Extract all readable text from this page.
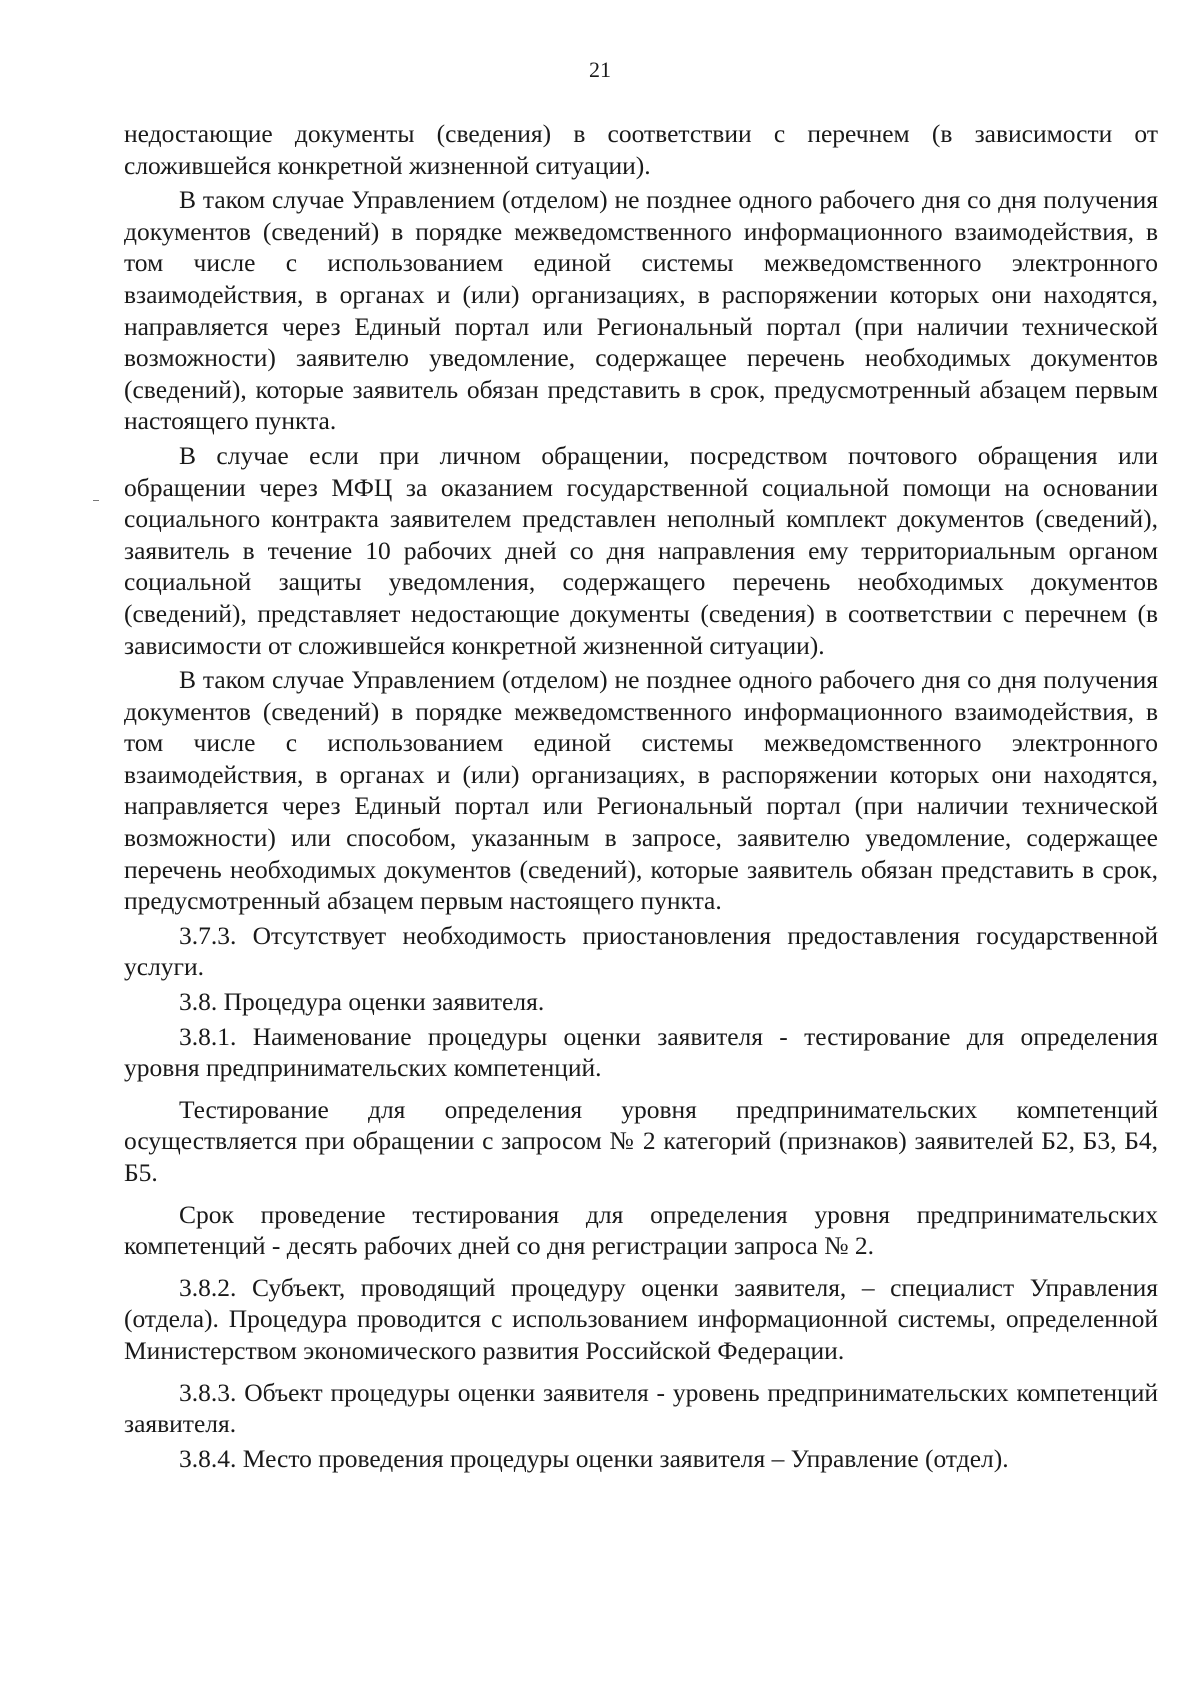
21

недостающие документы (сведения) в соответствии с перечнем (в зависимости от сложившейся конкретной жизненной ситуации).

В таком случае Управлением (отделом) не позднее одного рабочего дня со дня получения документов (сведений) в порядке межведомственного информационного взаимодействия, в том числе с использованием единой системы межведомственного электронного взаимодействия, в органах и (или) организациях, в распоряжении которых они находятся, направляется через Единый портал или Региональный портал (при наличии технической возможности) заявителю уведомление, содержащее перечень необходимых документов (сведений), которые заявитель обязан представить в срок, предусмотренный абзацем первым настоящего пункта.

В случае если при личном обращении, посредством почтового обращения или обращении через МФЦ за оказанием государственной социальной помощи на основании социального контракта заявителем представлен неполный комплект документов (сведений), заявитель в течение 10 рабочих дней со дня направления ему территориальным органом социальной защиты уведомления, содержащего перечень необходимых документов (сведений), представляет недостающие документы (сведения) в соответствии с перечнем (в зависимости от сложившейся конкретной жизненной ситуации).

В таком случае Управлением (отделом) не позднее одного рабочего дня со дня получения документов (сведений) в порядке межведомственного информационного взаимодействия, в том числе с использованием единой системы межведомственного электронного взаимодействия, в органах и (или) организациях, в распоряжении которых они находятся, направляется через Единый портал или Региональный портал (при наличии технической возможности) или способом, указанным в запросе, заявителю уведомление, содержащее перечень необходимых документов (сведений), которые заявитель обязан представить в срок, предусмотренный абзацем первым настоящего пункта.

3.7.3. Отсутствует необходимость приостановления предоставления государственной услуги.

3.8. Процедура оценки заявителя.

3.8.1. Наименование процедуры оценки заявителя - тестирование для определения уровня предпринимательских компетенций.

Тестирование для определения уровня предпринимательских компетенций осуществляется при обращении с запросом № 2 категорий (признаков) заявителей Б2, Б3, Б4, Б5.

Срок проведение тестирования для определения уровня предпринимательских компетенций - десять рабочих дней со дня регистрации запроса № 2.

3.8.2. Субъект, проводящий процедуру оценки заявителя, – специалист Управления (отдела). Процедура проводится с использованием информационной системы, определенной Министерством экономического развития Российской Федерации.

3.8.3. Объект процедуры оценки заявителя - уровень предпринимательских компетенций заявителя.

3.8.4. Место проведения процедуры оценки заявителя – Управление (отдел).
